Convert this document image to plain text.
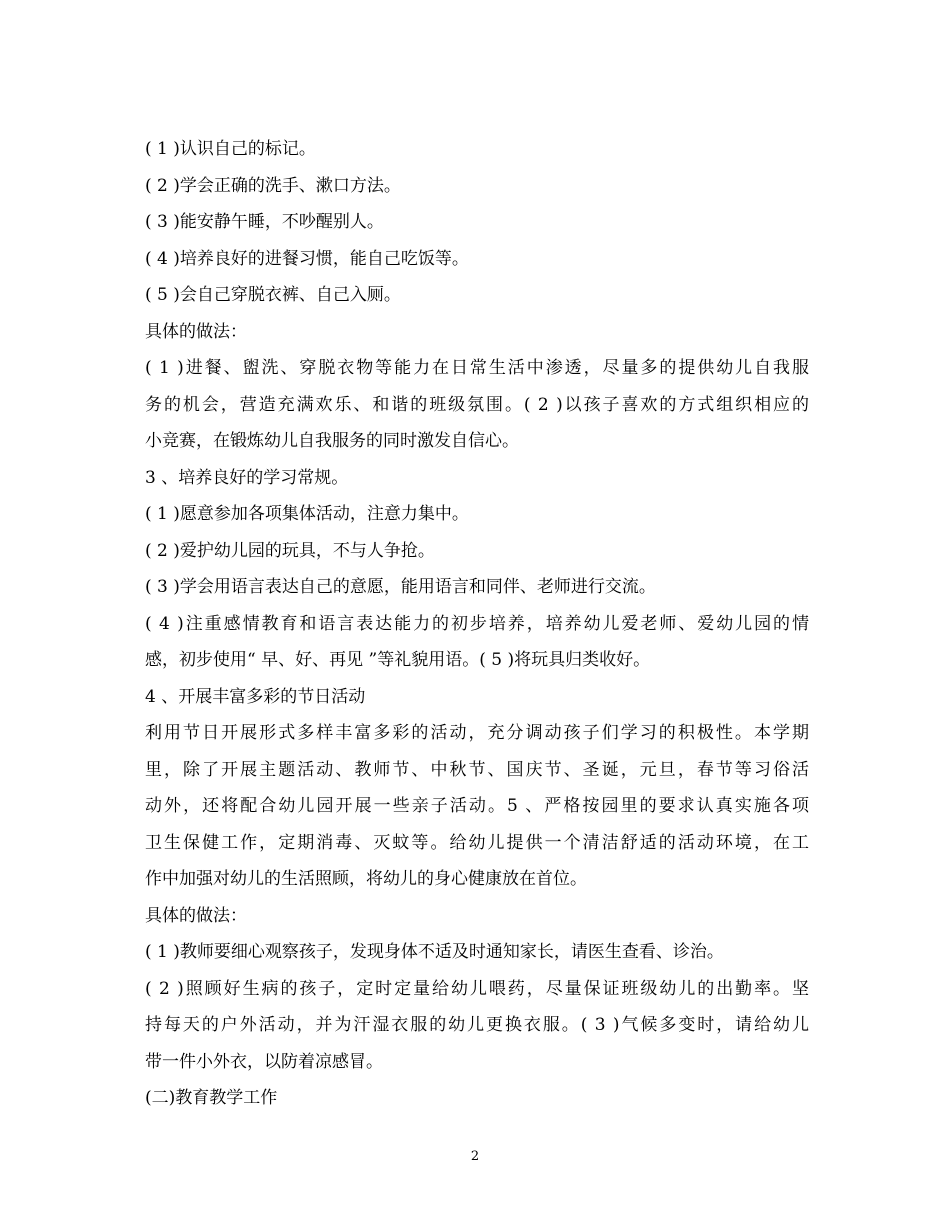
( 1 )认识自己的标记。
( 2 )学会正确的洗手、漱口方法。
( 3 )能安静午睡，不吵醒别人。
( 4 )培养良好的进餐习惯，能自己吃饭等。
( 5 )会自己穿脱衣裤、自己入厕。
具体的做法：
( 1 )进餐、盥洗、穿脱衣物等能力在日常生活中渗透，尽量多的提供幼儿自我服
务的机会，营造充满欢乐、和谐的班级氛围。( 2 )以孩子喜欢的方式组织相应的
小竞赛，在锻炼幼儿自我服务的同时激发自信心。
3 、培养良好的学习常规。
( 1 )愿意参加各项集体活动，注意力集中。
( 2 )爱护幼儿园的玩具，不与人争抢。
( 3 )学会用语言表达自己的意愿，能用语言和同伴、老师进行交流。
( 4 )注重感情教育和语言表达能力的初步培养，培养幼儿爱老师、爱幼儿园的情
感，初步使用“ 早、好、再见 ”等礼貌用语。( 5 )将玩具归类收好。
4 、开展丰富多彩的节日活动
利用节日开展形式多样丰富多彩的活动，充分调动孩子们学习的积极性。本学期
里，除了开展主题活动、教师节、中秋节、国庆节、圣诞，元旦，春节等习俗活
动外，还将配合幼儿园开展一些亲子活动。5 、严格按园里的要求认真实施各项
卫生保健工作，定期消毒、灭蚊等。给幼儿提供一个清洁舒适的活动环境，在工
作中加强对幼儿的生活照顾，将幼儿的身心健康放在首位。
具体的做法：
( 1 )教师要细心观察孩子，发现身体不适及时通知家长，请医生查看、诊治。
( 2 )照顾好生病的孩子，定时定量给幼儿喂药，尽量保证班级幼儿的出勤率。坚
持每天的户外活动，并为汗湿衣服的幼儿更换衣服。( 3 )气候多变时，请给幼儿
带一件小外衣，以防着凉感冒。
(二)教育教学工作
2
